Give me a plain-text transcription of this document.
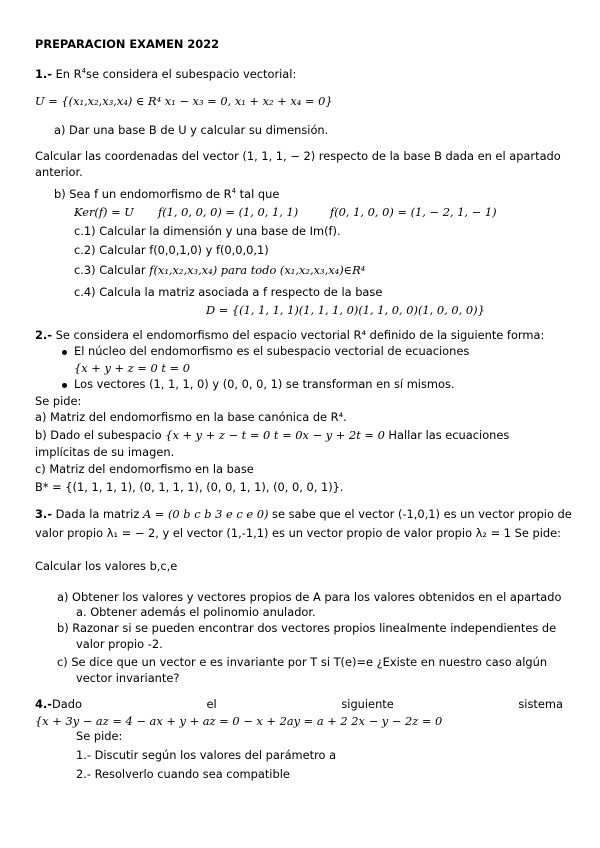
PREPARACION EXAMEN 2022
1.- En $R^4se$ considera el subespacio vectorial:
U = {(x₁,x₂,x₃,x₄) ∈ R⁴ x₁ − x₃ = 0, x₁ + x₂ + x₄ = 0}
a) Dar una base B de U y calcular su dimensión.
Calcular las coordenadas del vector (1, 1, 1, − 2) respecto de la base B dada en el apartado
anterior.
b) Sea f un endomorfismo de $R^4$ tal que
Ker(f) = U f(1, 0, 0, 0) = (1, 0, 1, 1)	f(0, 1, 0, 0) = (1, − 2, 1, − 1)
c.1) Calcular la dimensión y una base de Im(f).
c.2) Calcular f(0,0,1,0) y f(0,0,0,1)
c.3) Calcular f(x₁,x₂,x₃,x₄) para todo (x₁,x₂,x₃,x₄)∈R⁴
c.4) Calcula la matriz asociada a f respecto de la base
D = {(1, 1, 1, 1)(1, 1, 1, 0)(1, 1, 0, 0)(1, 0, 0, 0)}
2.- Se considera el endomorfismo del espacio vectorial R⁴ definido de la siguiente forma:
El núcleo del endomorfismo es el subespacio vectorial de ecuaciones
{x + y + z = 0 t = 0
Los vectores (1, 1, 1, 0) y (0, 0, 0, 1) se transforman en sí mismos.
Se pide:
a) Matriz del endomorfismo en la base canónica de R⁴.
b) Dado el subespacio {x + y + z − t = 0 t = 0x − y + 2t = 0 Hallar las ecuaciones
implícitas de su imagen.
c) Matriz del endomorfismo en la base
B* = {(1, 1, 1, 1), (0, 1, 1, 1), (0, 0, 1, 1), (0, 0, 0, 1)}.
3.- Dada la matriz A = (0 b c b 3 e c e 0) se sabe que el vector (-1,0,1) es un vector propio de
valor propio λ₁ = − 2, y el vector (1,-1,1) es un vector propio de valor propio λ₂ = 1 Se pide:
Calcular los valores b,c,e
a) Obtener los valores y vectores propios de A para los valores obtenidos en el apartado
a. Obtener además el polinomio anulador.
b) Razonar si se pueden encontrar dos vectores propios linealmente independientes de
valor propio -2.
c) Se dice que un vector e es invariante por T si T(e)=e ¿Existe en nuestro caso algún
vector invariante?
4.-Dado	el	siguiente	sistema
{x + 3y − az = 4 − ax + y + az = 0 − x + 2ay = a + 2 2x − y − 2z = 0
Se pide:
1.- Discutir según los valores del parámetro a
2.- Resolverlo cuando sea compatible
